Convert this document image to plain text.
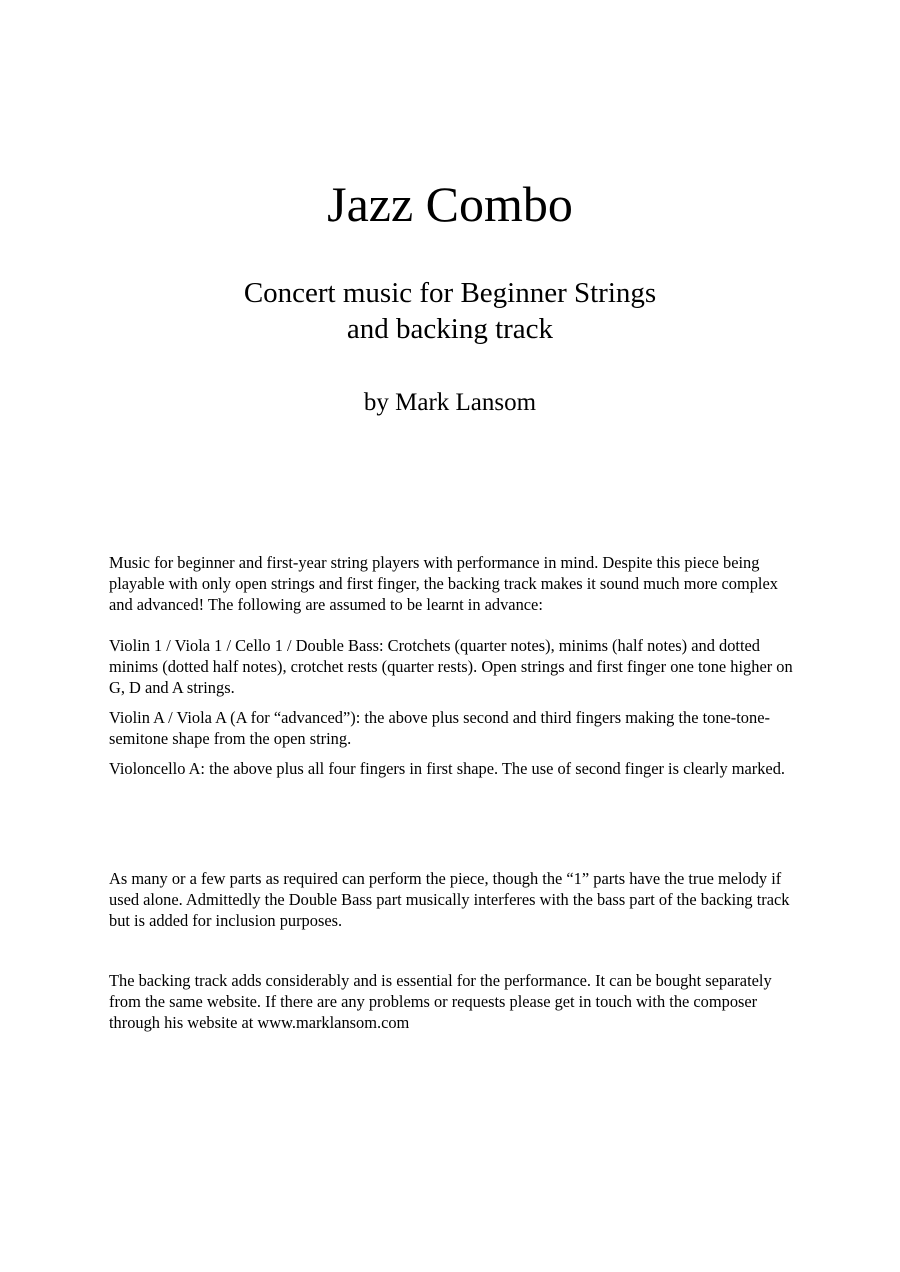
Jazz Combo
Concert music for Beginner Strings
and backing track

by Mark Lansom

Music for beginner and first-year string players with performance in mind. Despite this piece being playable with only open strings and first finger, the backing track makes it sound much more complex and advanced! The following are assumed to be learnt in advance:

Violin 1 / Viola 1 / Cello 1 / Double Bass: Crotchets (quarter notes), minims (half notes) and dotted minims (dotted half notes), crotchet rests (quarter rests). Open strings and first finger one tone higher on G, D and A strings.

Violin A / Viola A (A for “advanced”): the above plus second and third fingers making the tone-tone-semitone shape from the open string.

Violoncello A: the above plus all four fingers in first shape. The use of second finger is clearly marked.

As many or a few parts as required can perform the piece, though the “1” parts have the true melody if used alone. Admittedly the Double Bass part musically interferes with the bass part of the backing track but is added for inclusion purposes.

The backing track adds considerably and is essential for the performance. It can be bought separately from the same website. If there are any problems or requests please get in touch with the composer through his website at www.marklansom.com
